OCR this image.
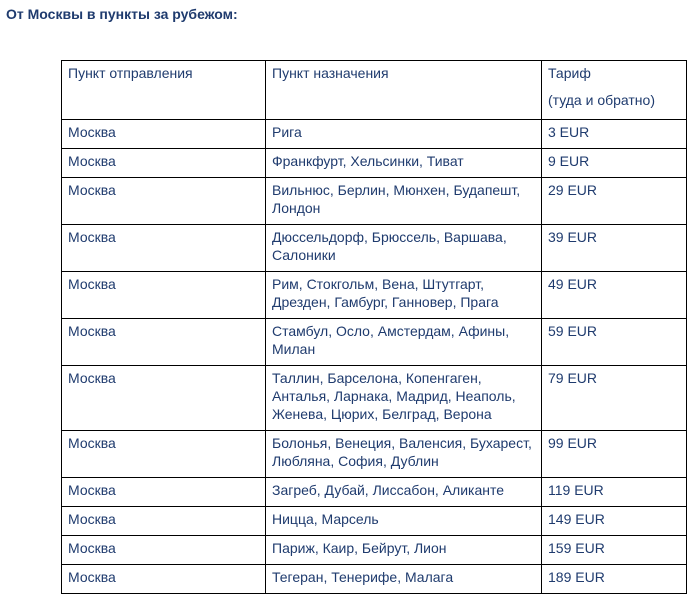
От Москвы в пункты за рубежом:
Пункт отправления	Пункт назначения	Тариф
(туда и обратно)

Москва	Рига	3 EUR
Москва	Франкфурт, Хельсинки, Тиват	9 EUR
Москва	Вильнюс, Берлин, Мюнхен, Будапешт, Лондон	29 EUR
Москва	Дюссельдорф, Брюссель, Варшава, Салоники	39 EUR
Москва	Рим, Стокгольм, Вена, Штутгарт, Дрезден, Гамбург, Ганновер, Прага	49 EUR
Москва	Стамбул, Осло, Амстердам, Афины, Милан	59 EUR
Москва	Таллин, Барселона, Копенгаген, Анталья, Ларнака, Мадрид, Неаполь, Женева, Цюрих, Белград, Верона	79 EUR
Москва	Болонья, Венеция, Валенсия, Бухарест, Любляна, София, Дублин	99 EUR
Москва	Загреб, Дубай, Лиссабон, Аликанте	119 EUR
Москва	Ницца, Марсель	149 EUR
Москва	Париж, Каир, Бейрут, Лион	159 EUR
Москва	Тегеран, Тенерифе, Малага	189 EUR
